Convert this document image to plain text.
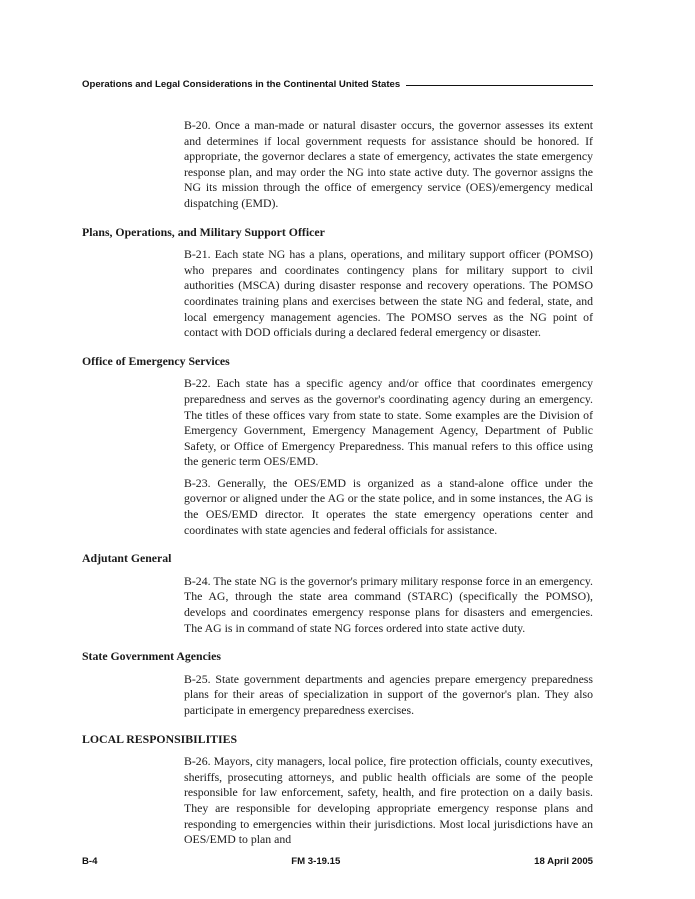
Operations and Legal Considerations in the Continental United States

B-20. Once a man-made or natural disaster occurs, the governor assesses its extent and determines if local government requests for assistance should be honored. If appropriate, the governor declares a state of emergency, activates the state emergency response plan, and may order the NG into state active duty. The governor assigns the NG its mission through the office of emergency service (OES)/emergency medical dispatching (EMD).

Plans, Operations, and Military Support Officer

B-21. Each state NG has a plans, operations, and military support officer (POMSO) who prepares and coordinates contingency plans for military support to civil authorities (MSCA) during disaster response and recovery operations. The POMSO coordinates training plans and exercises between the state NG and federal, state, and local emergency management agencies. The POMSO serves as the NG point of contact with DOD officials during a declared federal emergency or disaster.

Office of Emergency Services

B-22. Each state has a specific agency and/or office that coordinates emergency preparedness and serves as the governor's coordinating agency during an emergency. The titles of these offices vary from state to state. Some examples are the Division of Emergency Government, Emergency Management Agency, Department of Public Safety, or Office of Emergency Preparedness. This manual refers to this office using the generic term OES/EMD.

B-23. Generally, the OES/EMD is organized as a stand-alone office under the governor or aligned under the AG or the state police, and in some instances, the AG is the OES/EMD director. It operates the state emergency operations center and coordinates with state agencies and federal officials for assistance.

Adjutant General

B-24. The state NG is the governor's primary military response force in an emergency. The AG, through the state area command (STARC) (specifically the POMSO), develops and coordinates emergency response plans for disasters and emergencies. The AG is in command of state NG forces ordered into state active duty.

State Government Agencies

B-25. State government departments and agencies prepare emergency preparedness plans for their areas of specialization in support of the governor's plan. They also participate in emergency preparedness exercises.

LOCAL RESPONSIBILITIES

B-26. Mayors, city managers, local police, fire protection officials, county executives, sheriffs, prosecuting attorneys, and public health officials are some of the people responsible for law enforcement, safety, health, and fire protection on a daily basis. They are responsible for developing appropriate emergency response plans and responding to emergencies within their jurisdictions. Most local jurisdictions have an OES/EMD to plan and

B-4	FM 3-19.15	18 April 2005
